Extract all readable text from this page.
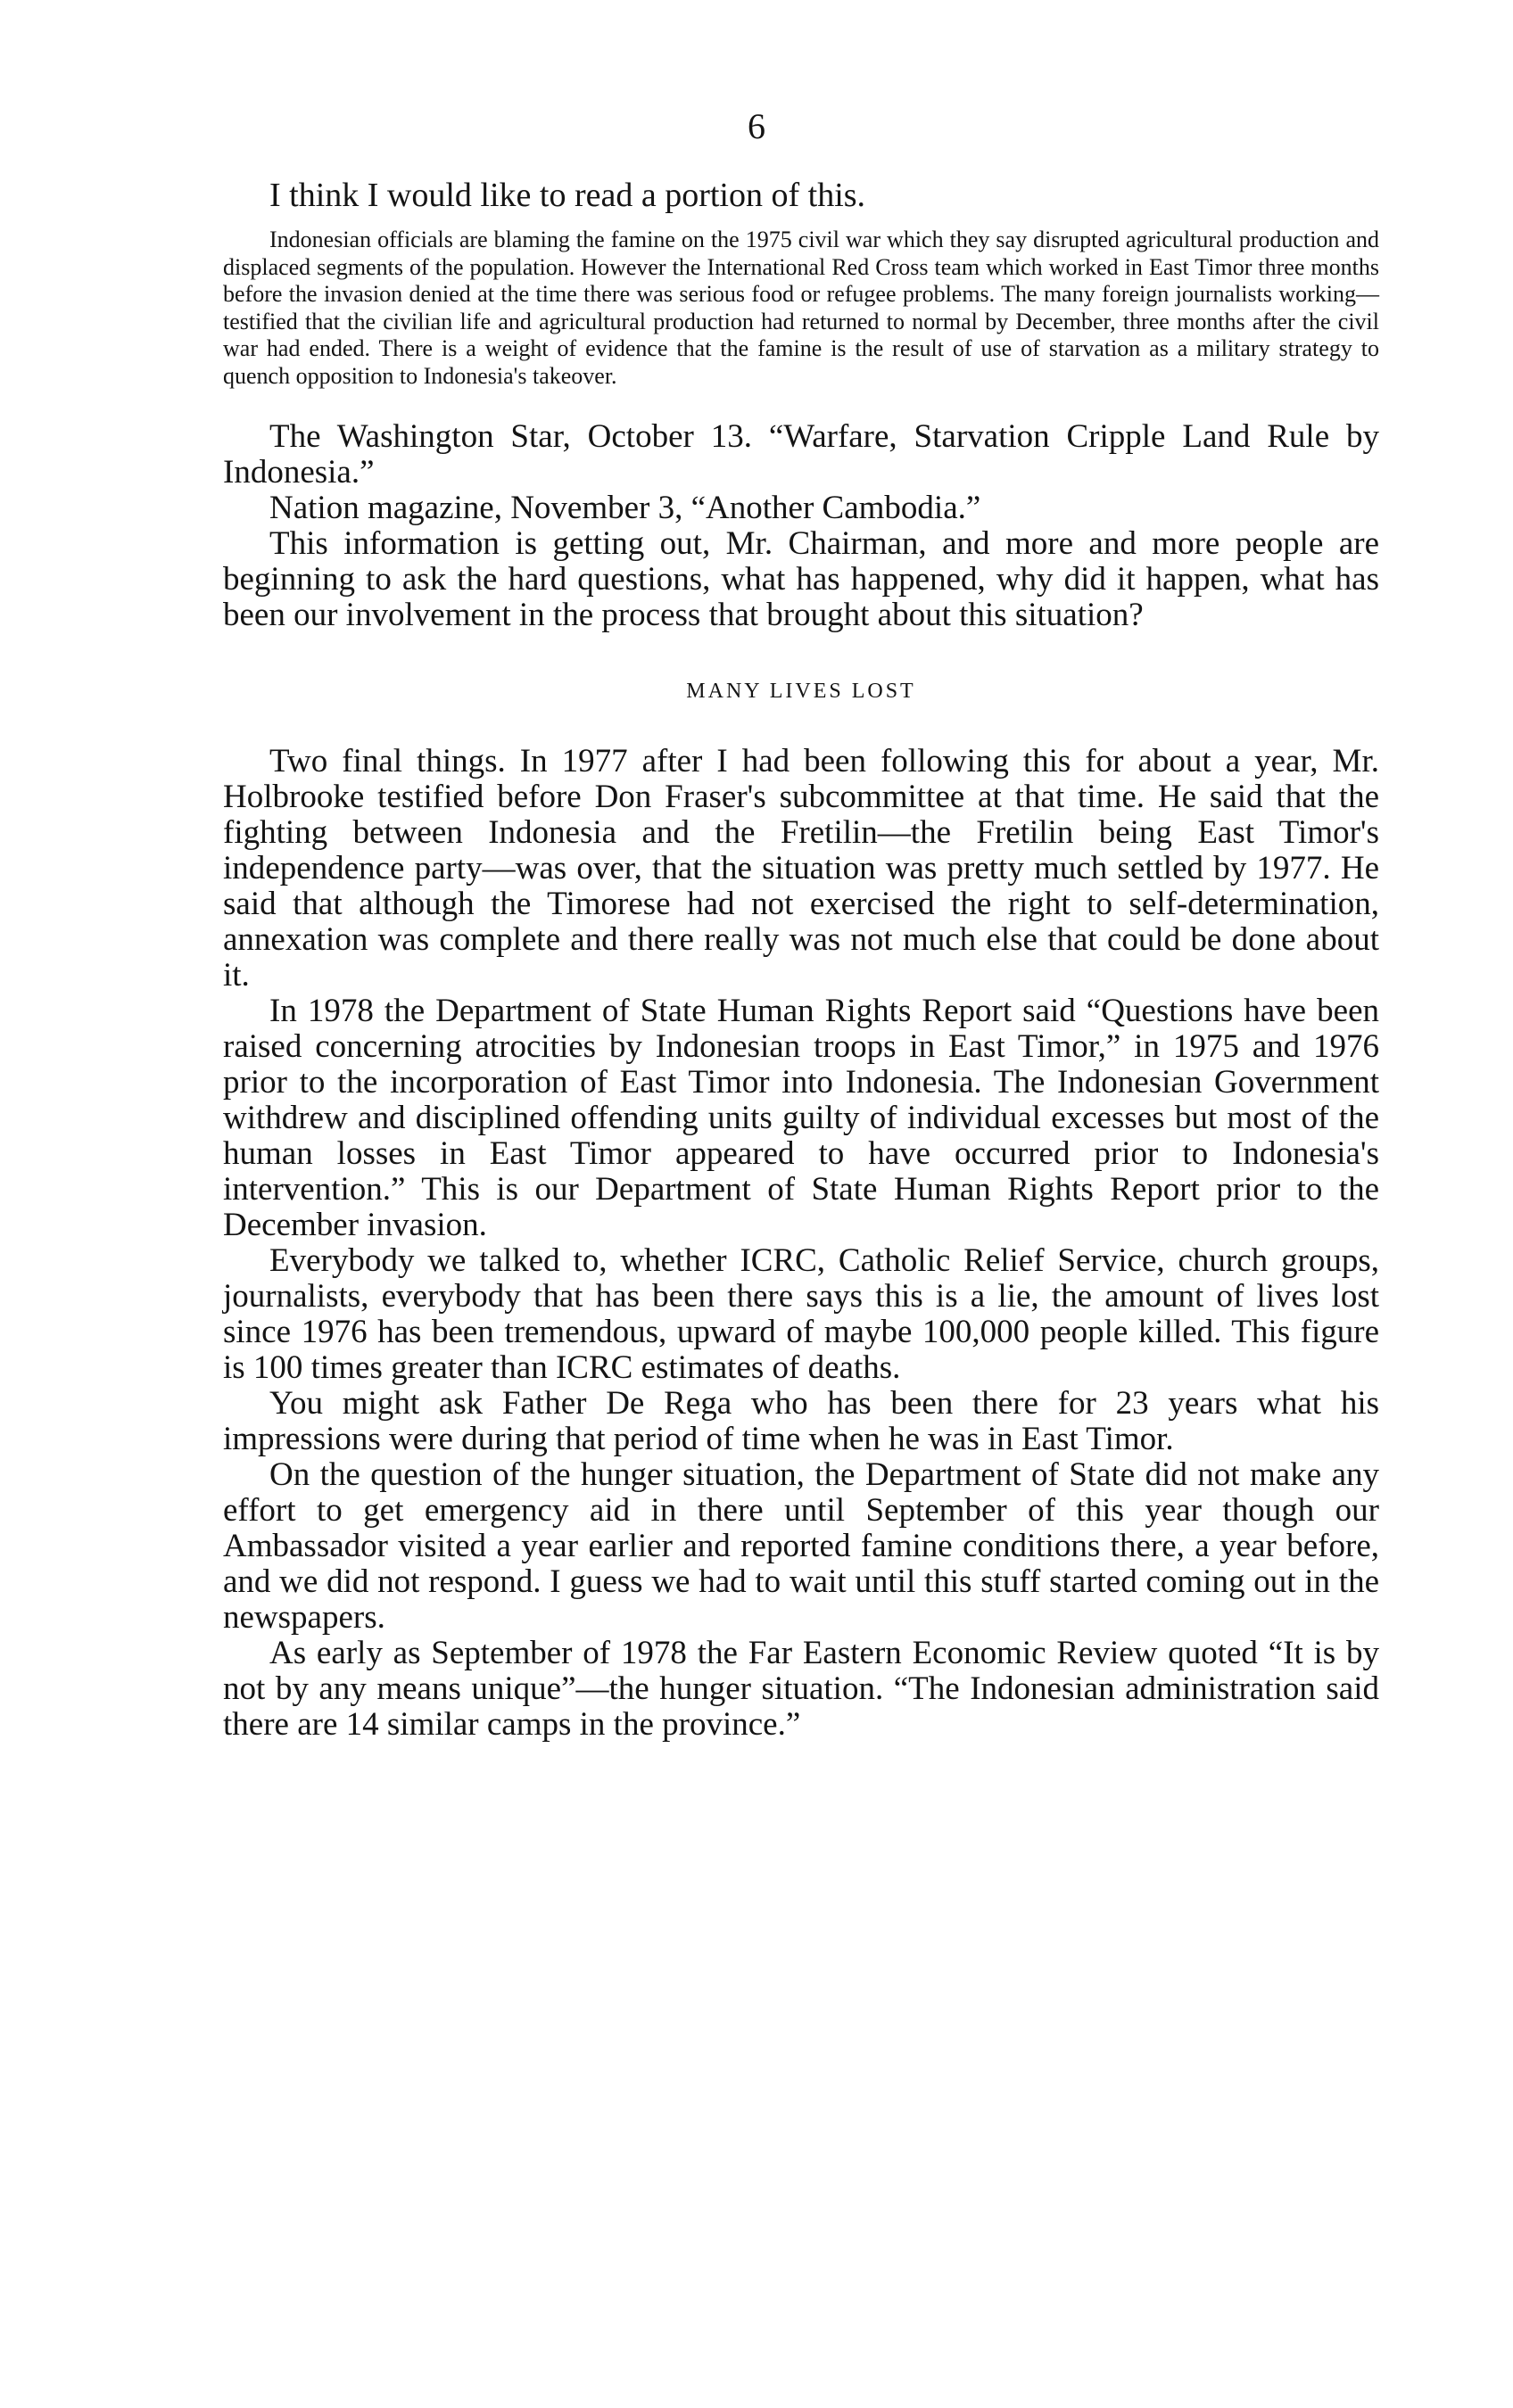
6

I think I would like to read a portion of this.

Indonesian officials are blaming the famine on the 1975 civil war which they say disrupted agricultural production and displaced segments of the population. However the International Red Cross team which worked in East Timor three months before the invasion denied at the time there was serious food or refugee problems. The many foreign journalists working—testified that the civilian life and agricultural production had returned to normal by December, three months after the civil war had ended. There is a weight of evidence that the famine is the result of use of starvation as a military strategy to quench opposition to Indonesia's takeover.

The Washington Star, October 13. “Warfare, Starvation Cripple Land Rule by Indonesia.”

Nation magazine, November 3, “Another Cambodia.”

This information is getting out, Mr. Chairman, and more and more people are beginning to ask the hard questions, what has happened, why did it happen, what has been our involvement in the process that brought about this situation?

MANY LIVES LOST

Two final things. In 1977 after I had been following this for about a year, Mr. Holbrooke testified before Don Fraser's subcommittee at that time. He said that the fighting between Indonesia and the Fretilin—the Fretilin being East Timor's independence party—was over, that the situation was pretty much settled by 1977. He said that although the Timorese had not exercised the right to self-determination, annexation was complete and there really was not much else that could be done about it.

In 1978 the Department of State Human Rights Report said “Questions have been raised concerning atrocities by Indonesian troops in East Timor,” in 1975 and 1976 prior to the incorporation of East Timor into Indonesia. The Indonesian Government withdrew and disciplined offending units guilty of individual excesses but most of the human losses in East Timor appeared to have occurred prior to Indonesia's intervention.” This is our Department of State Human Rights Report prior to the December invasion.

Everybody we talked to, whether ICRC, Catholic Relief Service, church groups, journalists, everybody that has been there says this is a lie, the amount of lives lost since 1976 has been tremendous, upward of maybe 100,000 people killed. This figure is 100 times greater than ICRC estimates of deaths.

You might ask Father De Rega who has been there for 23 years what his impressions were during that period of time when he was in East Timor.

On the question of the hunger situation, the Department of State did not make any effort to get emergency aid in there until September of this year though our Ambassador visited a year earlier and reported famine conditions there, a year before, and we did not respond. I guess we had to wait until this stuff started coming out in the newspapers.

As early as September of 1978 the Far Eastern Economic Review quoted “It is by not by any means unique”—the hunger situation. “The Indonesian administration said there are 14 similar camps in the province.”
